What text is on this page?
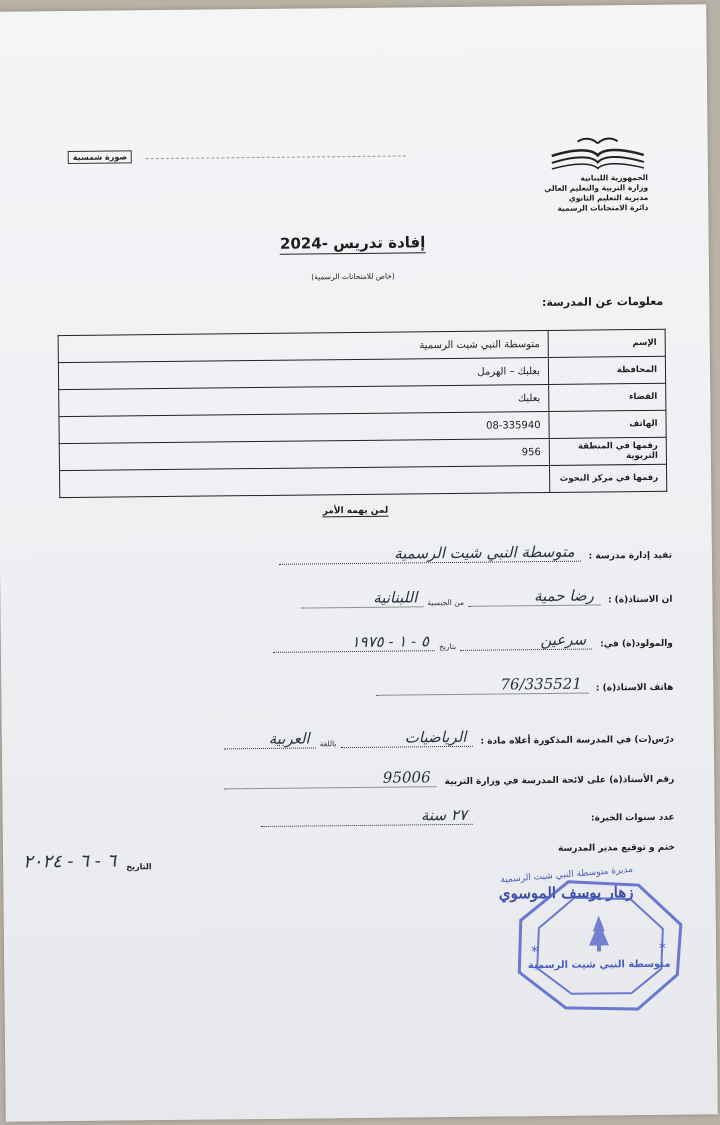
صورة شمسية
الجمهورية اللبنانية
وزارة التربية والتعليم العالي
مديرية التعليم الثانوي
دائرة الامتحانات الرسمية
إفادة تدريس -2024
(خاص للامتحانات الرسمية)
معلومات عن المدرسة:
الإسم	متوسطة النبي شيت الرسمية
المحافظة	بعلبك – الهرمل
القضاء	بعلبك
الهاتف	08-335940
رقمها في المنطقة التربوية	956
رقمها في مركز البحوث	
لمن يهمه الأمر
تفيد إدارة مدرسة :
متوسطة النبي شيت الرسمية
ان الاستاذ(ة) :
رضا حمية
من الجنسية
اللبنانية
والمولود(ة) في:
سرعين
بتاريخ
٥ - ١ - ١٩٧٥
هاتف الاستاذ(ة) :
76/335521
درّس(ت) في المدرسة المذكورة أعلاه مادة :
الرياضيات
باللغة
العربية
رقم الأستاذ(ة) على لائحة المدرسة في وزارة التربية
95006
عدد سنوات الخبرة:
٢٧ سنة
ختم و توقيع مدير المدرسة
التاريخ
٦ - ٦ - ٢٠٢٤
مديرة متوسطة النبي شيت الرسمية
زهار يوسف الموسوي
متوسطة النبي شيت الرسمية
*	*
